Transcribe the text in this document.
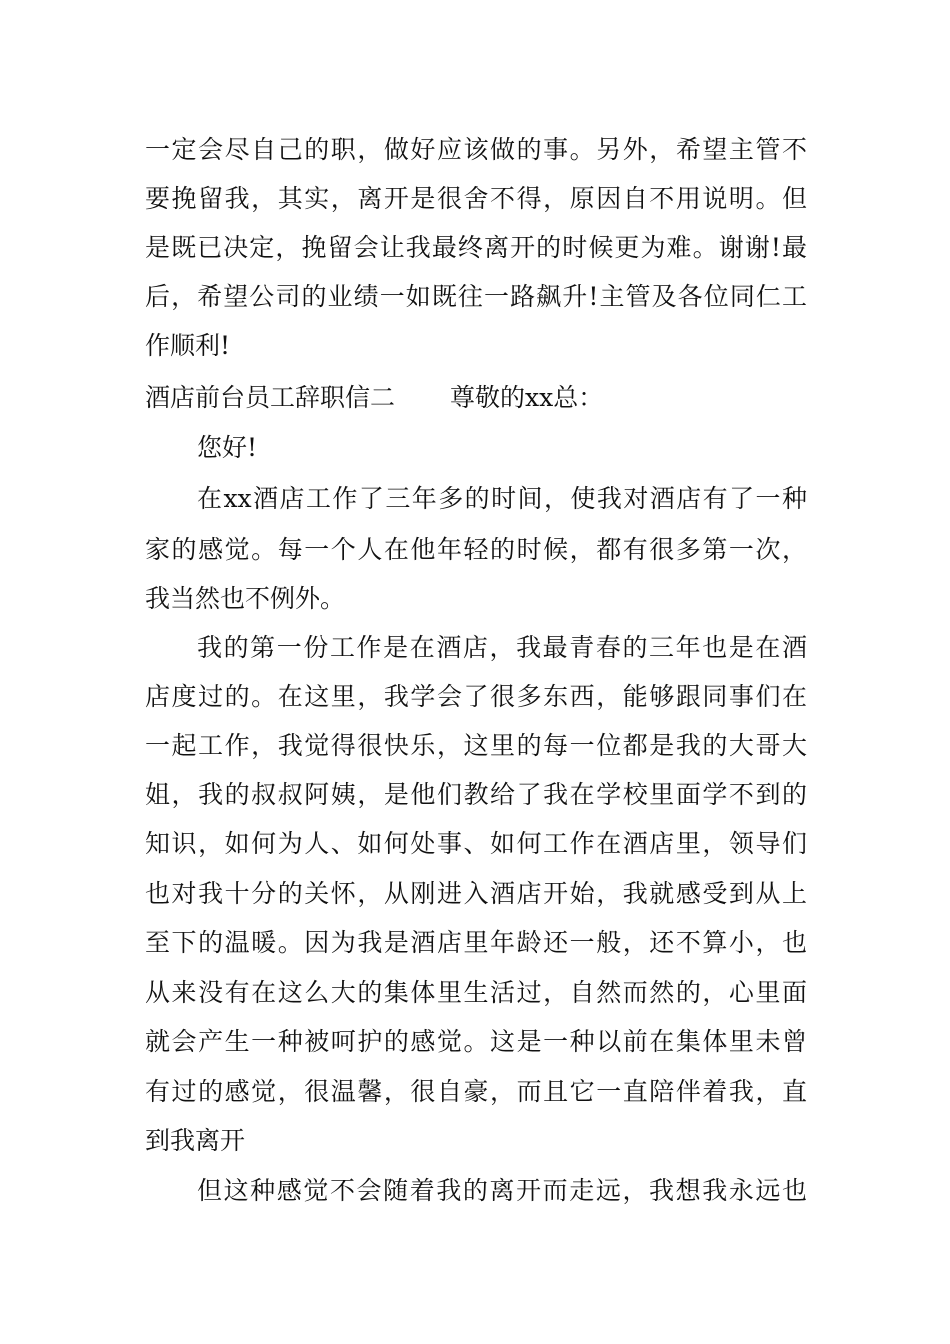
一定会尽自己的职，做好应该做的事。另外，希望主管不
要挽留我，其实，离开是很舍不得，原因自不用说明。但
是既已决定，挽留会让我最终离开的时候更为难。谢谢!最
后，希望公司的业绩一如既往一路飙升!主管及各位同仁工
作顺利!
酒店前台员工辞职信二 尊敬的xx总：
您好!
在xx酒店工作了三年多的时间，使我对酒店有了一种
家的感觉。每一个人在他年轻的时候，都有很多第一次，
我当然也不例外。
我的第一份工作是在酒店，我最青春的三年也是在酒
店度过的。在这里，我学会了很多东西，能够跟同事们在
一起工作，我觉得很快乐，这里的每一位都是我的大哥大
姐，我的叔叔阿姨，是他们教给了我在学校里面学不到的
知识，如何为人、如何处事、如何工作在酒店里，领导们
也对我十分的关怀，从刚进入酒店开始，我就感受到从上
至下的温暖。因为我是酒店里年龄还一般，还不算小，也
从来没有在这么大的集体里生活过，自然而然的，心里面
就会产生一种被呵护的感觉。这是一种以前在集体里未曾
有过的感觉，很温馨，很自豪，而且它一直陪伴着我，直
到我离开
但这种感觉不会随着我的离开而走远，我想我永远也
